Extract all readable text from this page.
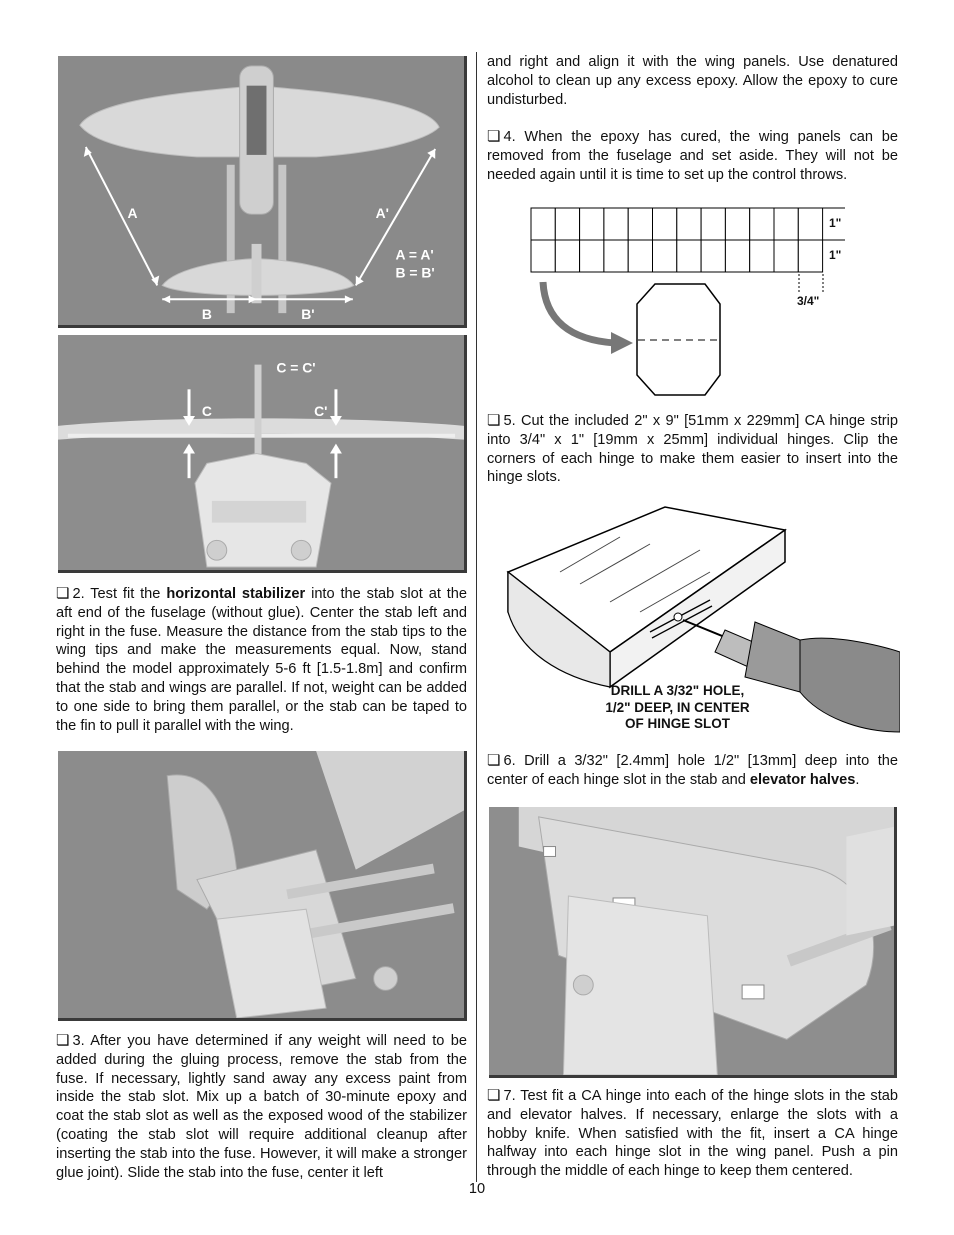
A	A'
A = A'
B = B'
B	B'
C	C'
C = C'

❏ 2. Test fit the horizontal stabilizer into the stab slot at the aft end of the fuselage (without glue). Center the stab left and right in the fuse. Measure the distance from the stab tips to the wing tips and make the measurements equal. Now, stand behind the model approximately 5-6 ft [1.5-1.8m] and confirm that the stab and wings are parallel. If not, weight can be added to one side to bring them parallel, or the stab can be taped to the fin to pull it parallel with the wing.

❏ 3. After you have determined if any weight will need to be added during the gluing process, remove the stab from the fuse. If necessary, lightly sand away any excess paint from inside the stab slot. Mix up a batch of 30-minute epoxy and coat the stab slot as well as the exposed wood of the stabilizer (coating the stab slot will require additional cleanup after inserting the stab into the fuse. However, it will make a stronger glue joint). Slide the stab into the fuse, center it left

and right and align it with the wing panels. Use denatured alcohol to clean up any excess epoxy. Allow the epoxy to cure undisturbed.

❏ 4. When the epoxy has cured, the wing panels can be removed from the fuselage and set aside. They will not be needed again until it is time to set up the control throws.

1"
1"
3/4"

❏ 5. Cut the included 2" x 9" [51mm x 229mm] CA hinge strip into 3/4" x 1" [19mm x 25mm] individual hinges. Clip the corners of each hinge to make them easier to insert into the hinge slots.

DRILL A 3/32" HOLE,
1/2" DEEP, IN CENTER
OF HINGE SLOT

❏ 6. Drill a 3/32" [2.4mm] hole 1/2" [13mm] deep into the center of each hinge slot in the stab and elevator halves.

❏ 7. Test fit a CA hinge into each of the hinge slots in the stab and elevator halves. If necessary, enlarge the slots with a hobby knife. When satisfied with the fit, insert a CA hinge halfway into each hinge slot in the wing panel. Push a pin through the middle of each hinge to keep them centered.

10
